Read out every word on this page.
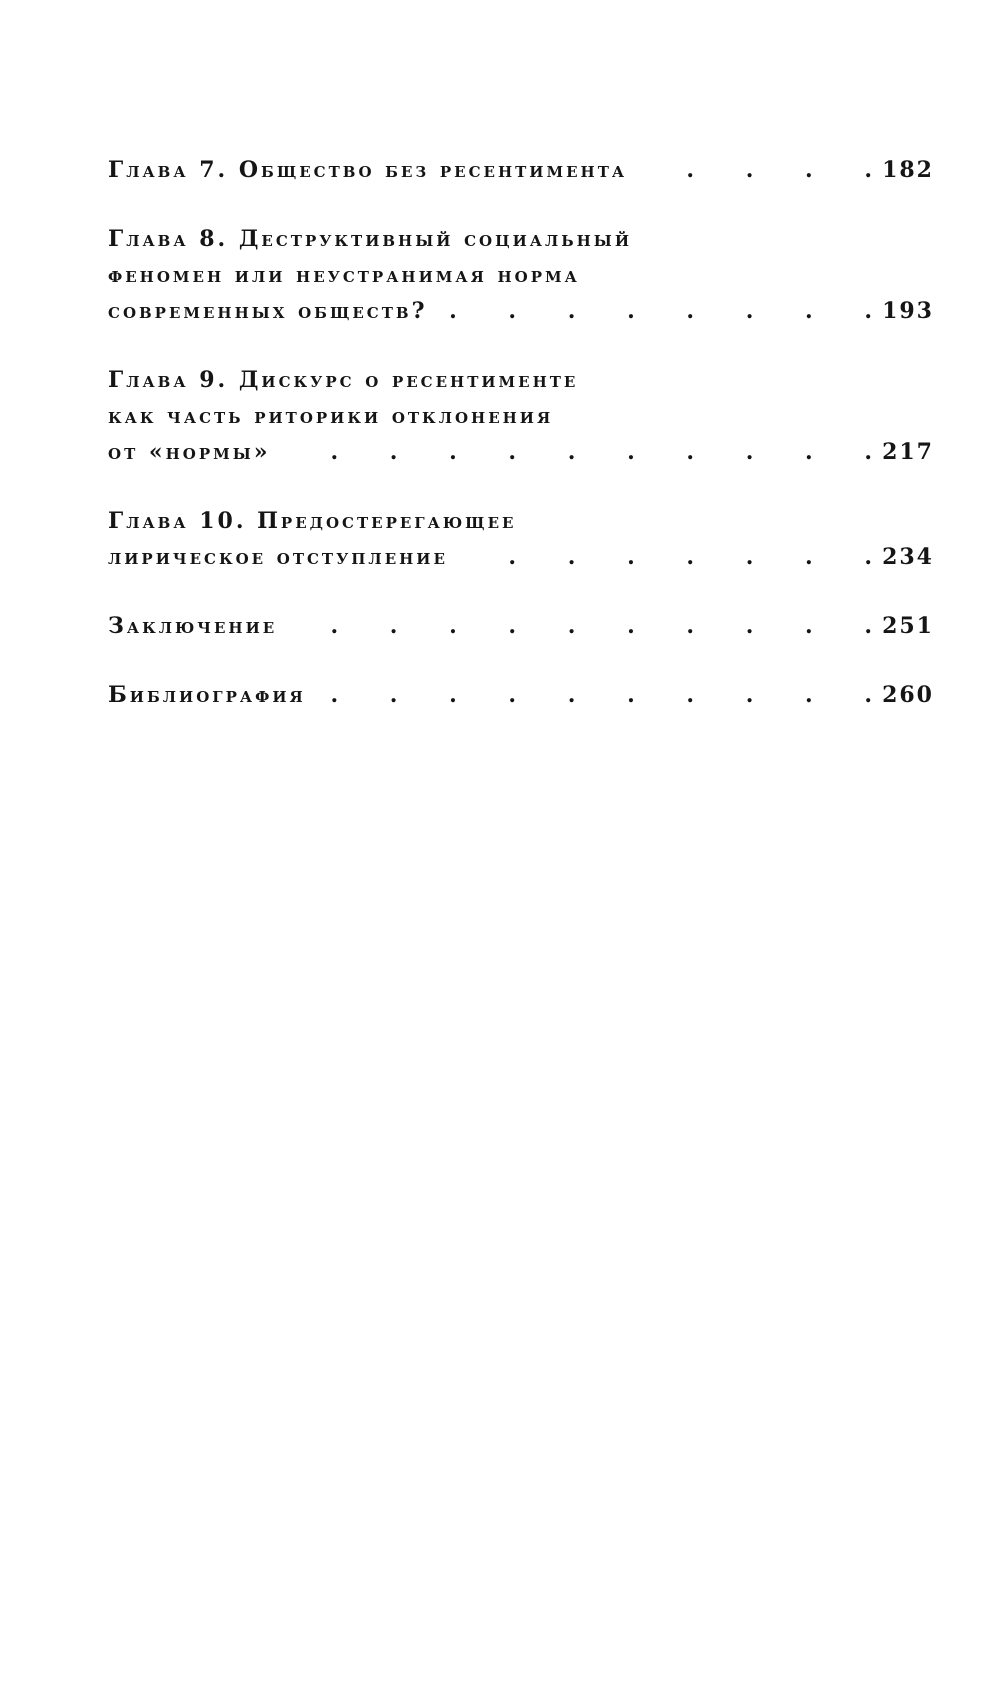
Глава 7. Общество без ресентимента . . .	182
Глава 8. Деструктивный социальный
феномен или неустранимая норма
современных обществ? . . .	193
Глава 9. Дискурс о ресентименте
как часть риторики отклонения
от «нормы» . . .	217
Глава 10. Предостерегающее
лирическое отступление . . .	234
Заключение . . .	251
Библиография . . .	260
